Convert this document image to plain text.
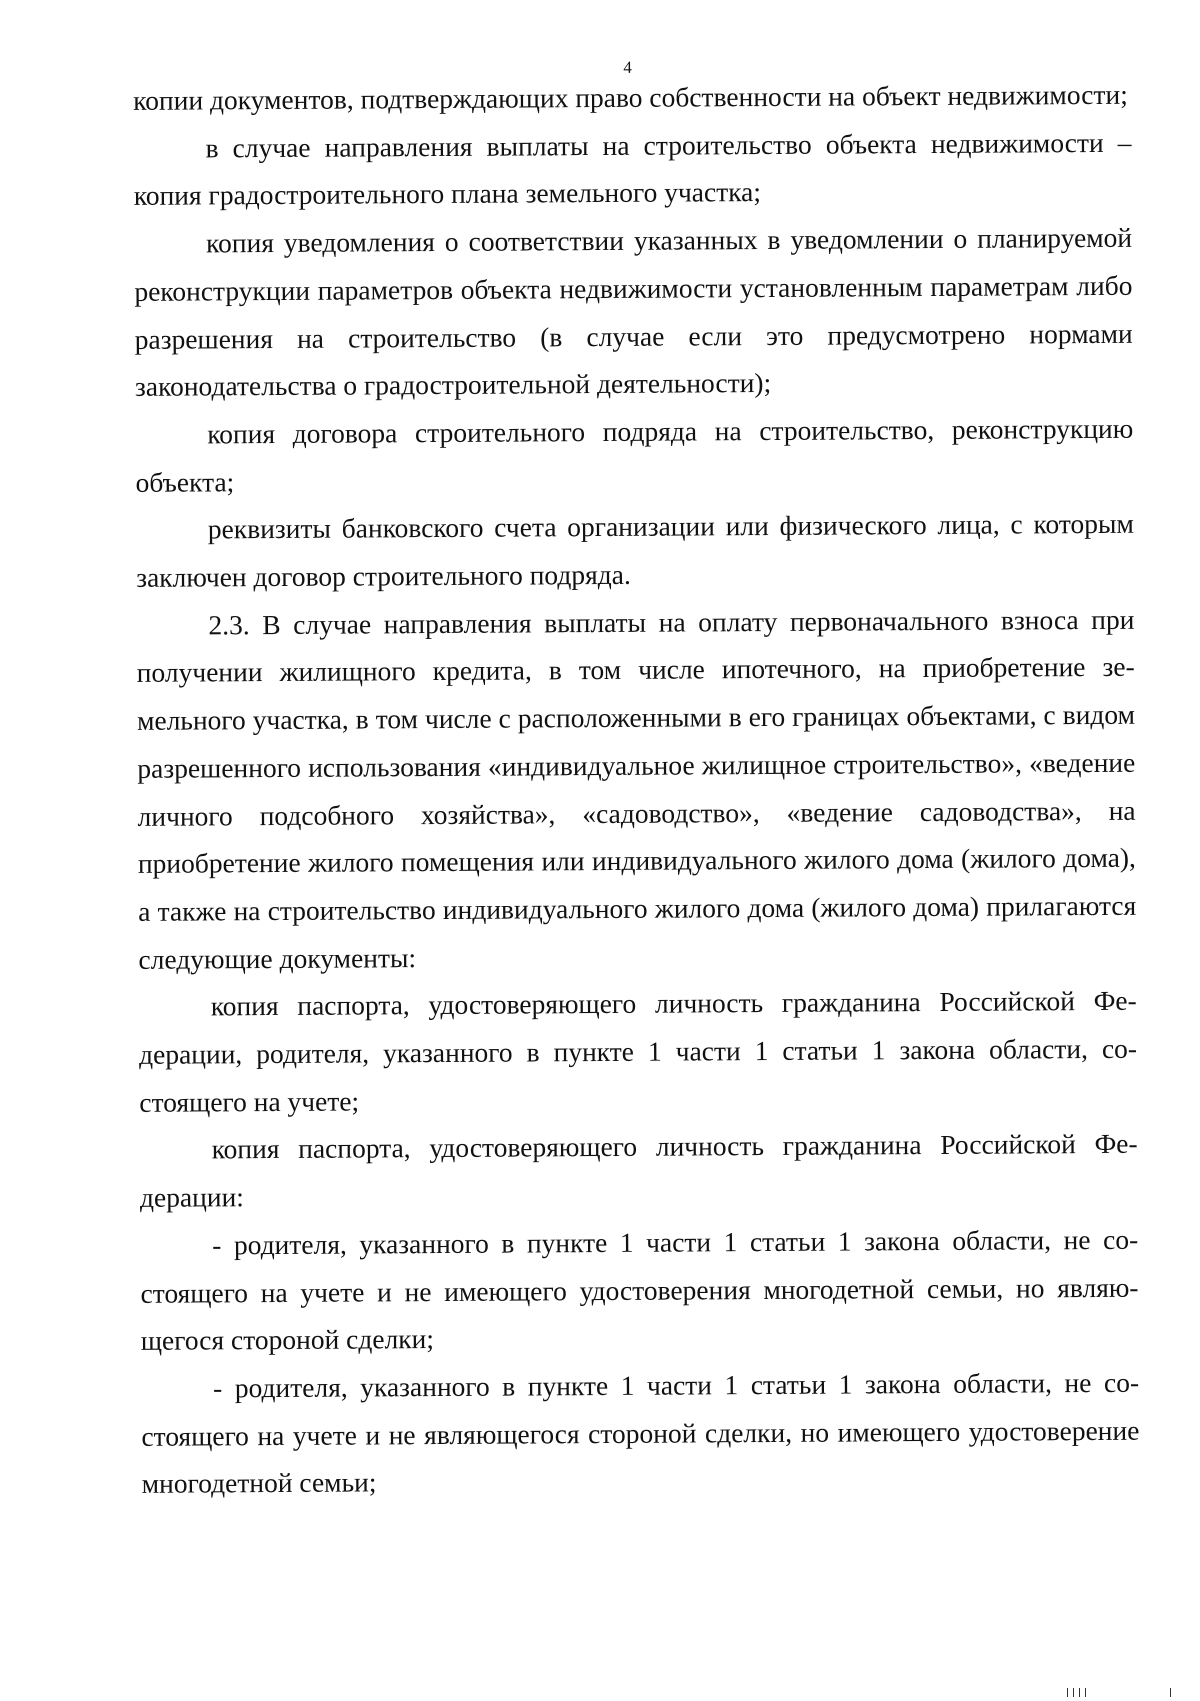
4

копии документов, подтверждающих право собственности на объект недвижимости;

в случае направления выплаты на строительство объекта недвижимости – копия градостроительного плана земельного участка;

копия уведомления о соответствии указанных в уведомлении о планируемой реконструкции параметров объекта недвижимости установленным параметрам либо разрешения на строительство (в случае если это предусмотрено нормами законодательства о градостроительной деятельности);

копия договора строительного подряда на строительство, реконструкцию объекта;

реквизиты банковского счета организации или физического лица, с которым заключен договор строительного подряда.

2.3. В случае направления выплаты на оплату первоначального взноса при получении жилищного кредита, в том числе ипотечного, на приобретение земельного участка, в том числе с расположенными в его границах объектами, с видом разрешенного использования «индивидуальное жилищное строительство», «ведение личного подсобного хозяйства», «садоводство», «ведение садоводства», на приобретение жилого помещения или индивидуального жилого дома (жилого дома), а также на строительство индивидуального жилого дома (жилого дома) прилагаются следующие документы:

копия паспорта, удостоверяющего личность гражданина Российской Федерации, родителя, указанного в пункте 1 части 1 статьи 1 закона области, состоящего на учете;

копия паспорта, удостоверяющего личность гражданина Российской Федерации:

- родителя, указанного в пункте 1 части 1 статьи 1 закона области, не состоящего на учете и не имеющего удостоверения многодетной семьи, но являющегося стороной сделки;

- родителя, указанного в пункте 1 части 1 статьи 1 закона области, не состоящего на учете и не являющегося стороной сделки, но имеющего удостоверение многодетной семьи;
